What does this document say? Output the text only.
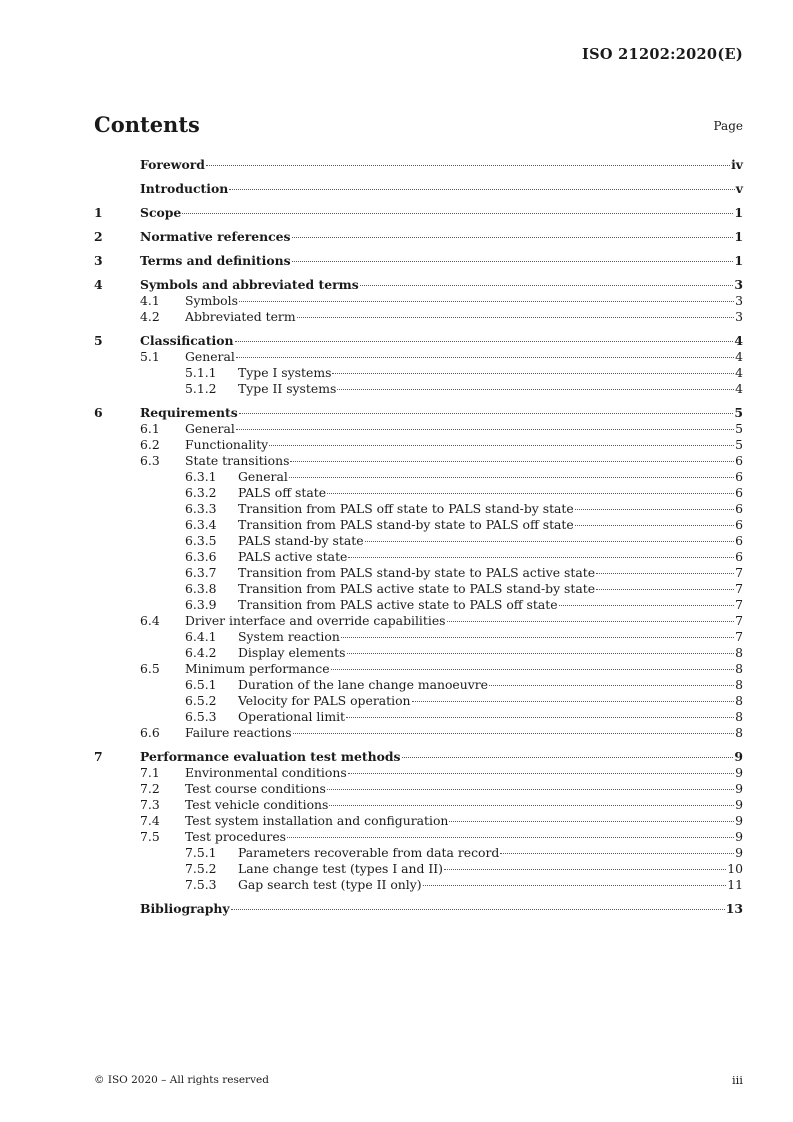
ISO 21202:2020(E)
Contents	Page
Foreword	iv
Introduction	v
1	Scope	1
2	Normative references	1
3	Terms and definitions	1
4	Symbols and abbreviated terms	3
4.1	Symbols	3
4.2	Abbreviated term	3
5	Classification	4
5.1	General	4
5.1.1	Type I systems	4
5.1.2	Type II systems	4
6	Requirements	5
6.1	General	5
6.2	Functionality	5
6.3	State transitions	6
6.3.1	General	6
6.3.2	PALS off state	6
6.3.3	Transition from PALS off state to PALS stand-by state	6
6.3.4	Transition from PALS stand-by state to PALS off state	6
6.3.5	PALS stand-by state	6
6.3.6	PALS active state	6
6.3.7	Transition from PALS stand-by state to PALS active state	7
6.3.8	Transition from PALS active state to PALS stand-by state	7
6.3.9	Transition from PALS active state to PALS off state	7
6.4	Driver interface and override capabilities	7
6.4.1	System reaction	7
6.4.2	Display elements	8
6.5	Minimum performance	8
6.5.1	Duration of the lane change manoeuvre	8
6.5.2	Velocity for PALS operation	8
6.5.3	Operational limit	8
6.6	Failure reactions	8
7	Performance evaluation test methods	9
7.1	Environmental conditions	9
7.2	Test course conditions	9
7.3	Test vehicle conditions	9
7.4	Test system installation and configuration	9
7.5	Test procedures	9
7.5.1	Parameters recoverable from data record	9
7.5.2	Lane change test (types I and II)	10
7.5.3	Gap search test (type II only)	11
Bibliography	13
© ISO 2020 – All rights reserved	iii
